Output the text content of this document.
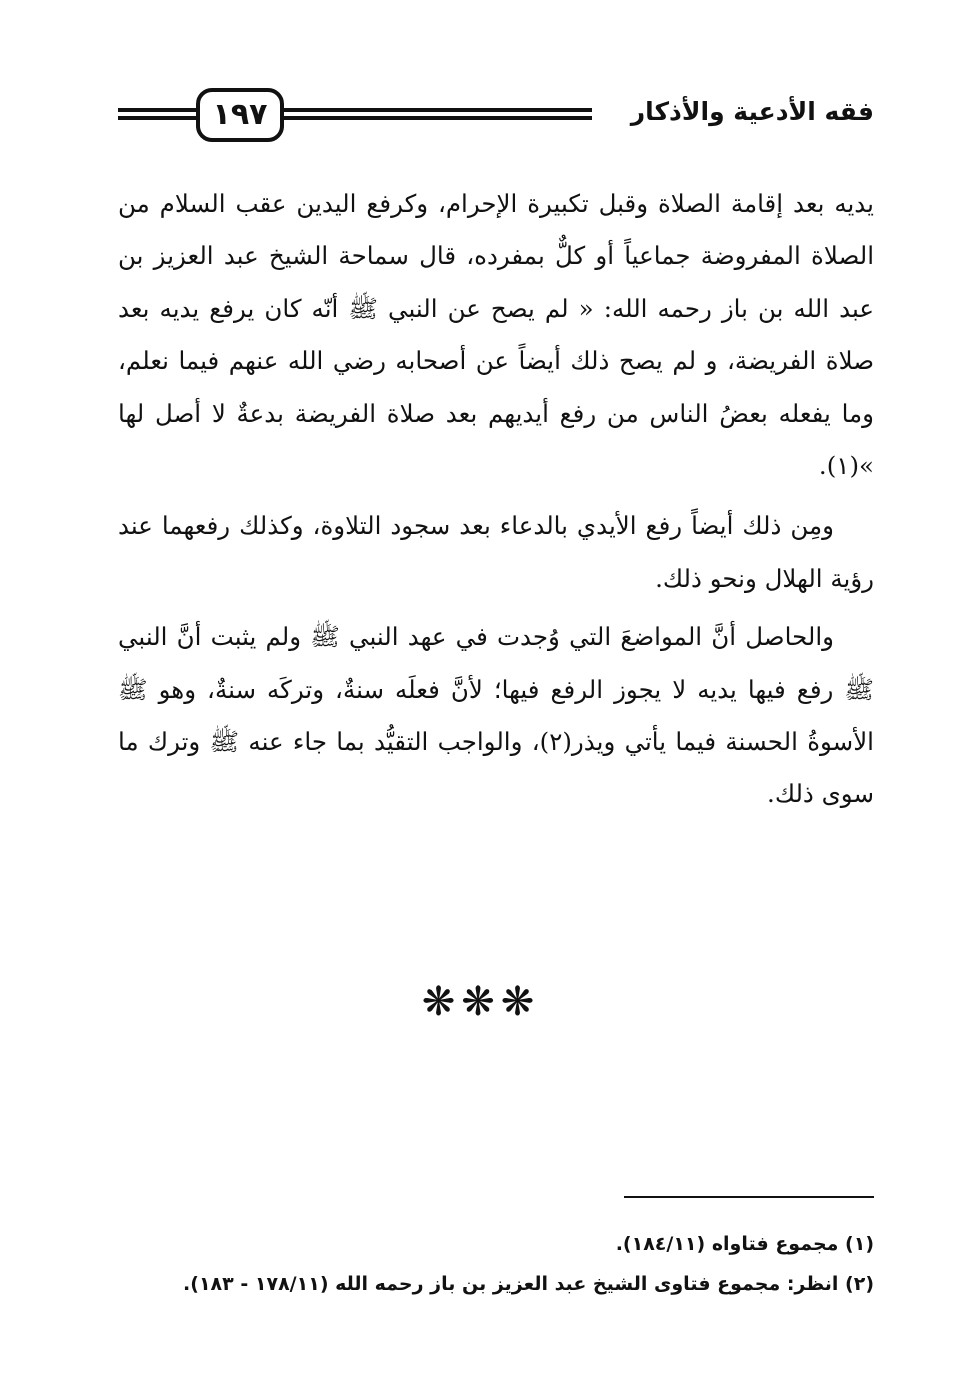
١٩٧	فقه الأدعية والأذكار

يديه بعد إقامة الصلاة وقبل تكبيرة الإحرام، وكرفع اليدين عقب السلام من الصلاة المفروضة جماعياً أو كلٌّ بمفرده، قال سماحة الشيخ عبد العزيز بن عبد الله بن باز رحمه الله: « لم يصح عن النبي ﷺ أنّه كان يرفع يديه بعد صلاة الفريضة، و لم يصح ذلك أيضاً عن أصحابه رضي الله عنهم فيما نعلم، وما يفعله بعضُ الناس من رفع أيديهم بعد صلاة الفريضة بدعةٌ لا أصل لها »(١).

ومِن ذلك أيضاً رفع الأيدي بالدعاء بعد سجود التلاوة، وكذلك رفعهما عند رؤية الهلال ونحو ذلك.

والحاصل أنَّ المواضعَ التي وُجدت في عهد النبي ﷺ ولم يثبت أنَّ النبي ﷺ رفع فيها يديه لا يجوز الرفع فيها؛ لأنَّ فعلَه سنةٌ، وتركَه سنةٌ، وهو ﷺ الأسوةُ الحسنة فيما يأتي ويذر(٢)، والواجب التقيُّد بما جاء عنه ﷺ وترك ما سوى ذلك.

❋❋❋
(١) مجموع فتاواه (١٨٤/١١).
(٢) انظر: مجموع فتاوى الشيخ عبد العزيز بن باز رحمه الله (١٧٨/١١ - ١٨٣).
